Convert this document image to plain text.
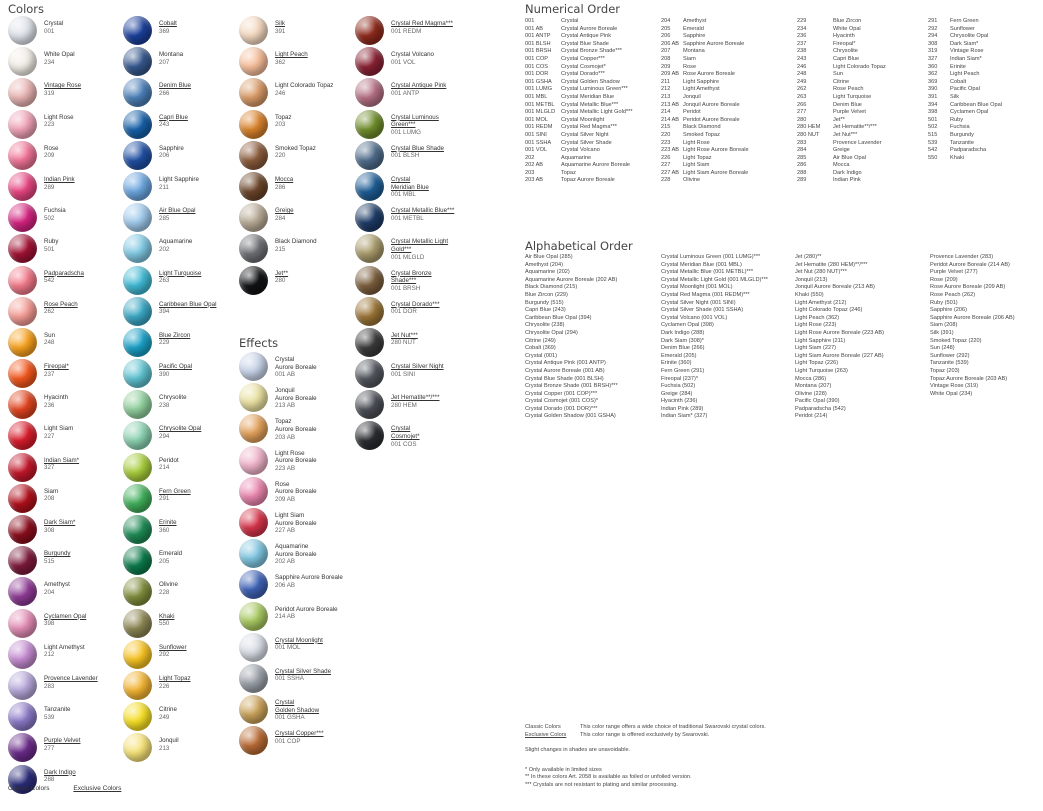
Colors
Crystal
001
White Opal
234
Vintage Rose
319
Light Rose
223
Rose
209
Indian Pink
289
Fuchsia
502
Ruby
501
Padparadscha
542
Rose Peach
262
Sun
248
Fireopal*
237
Hyacinth
236
Light Siam
227
Indian Siam*
327
Siam
208
Dark Siam*
308
Burgundy
515
Amethyst
204
Cyclamen Opal
398
Light Amethyst
212
Provence Lavender
283
Tanzanite
539
Purple Velvet
277
Dark Indigo
288
Cobalt
369
Montana
207
Denim Blue
266
Capri Blue
243
Sapphire
206
Light Sapphire
211
Air Blue Opal
285
Aquamarine
202
Light Turquoise
263
Caribbean Blue Opal
394
Blue Zircon
229
Pacific Opal
390
Chrysolite
238
Chrysolite Opal
294
Peridot
214
Fern Green
291
Erinite
360
Emerald
205
Olivine
228
Khaki
550
Sunflower
292
Light Topaz
226
Citrine
249
Jonquil
213
Silk
391
Light Peach
362
Light Colorado Topaz
246
Topaz
203
Smoked Topaz
220
Mocca
286
Greige
284
Black Diamond
215
Jet**
280
Effects
Crystal
Aurore Boreale
001 AB
Jonquil
Aurore Boreale
213 AB
Topaz
Aurore Boreale
203 AB
Light Rose
Aurore Boreale
223 AB
Rose
Aurore Boreale
209 AB
Light Siam
Aurore Boreale
227 AB
Aquamarine
Aurore Boreale
202 AB
Sapphire Aurore Boreale
206 AB
Peridot Aurore Boreale
214 AB
Crystal Moonlight
001 MOL
Crystal Silver Shade
001 SSHA
Crystal
Golden Shadow
001 GSHA
Crystal Copper***
001 COP
Crystal Red Magma***
001 REDM
Crystal Volcano
001 VOL
Crystal Antique Pink
001 ANTP
Crystal Luminous
Green***
001 LUMG
Crystal Blue Shade
001 BLSH
Crystal
Meridian Blue
001 MBL
Crystal Metallic Blue***
001 METBL
Crystal Metallic Light
Gold***
001 MLGLD
Crystal Bronze
Shade***
001 BRSH
Crystal Dorado***
001 DOR
Jet Nut***
280 NUT
Crystal Silver Night
001 SINI
Jet Hematite**/***
280 HEM
Crystal
Cosmojet*
001 COS
Numerical Order
001	Crystal
001 AB	Crystal Aurore Boreale
001 ANTP Crystal Antique Pink
001 BLSH Crystal Blue Shade
001 BRSH Crystal Bronze Shade***
001 COP Crystal Copper***
001 COS Crystal Cosmojet*
001 DOR Crystal Dorado***
001 GSHA Crystal Golden Shadow
001 LUMG Crystal Luminous Green***
001 MBL Crystal Meridian Blue
001 METBL Crystal Metallic Blue***
001 MLGLD Crystal Metallic Light Gold***
001 MOL Crystal Moonlight
001 REDM Crystal Red Magma***
001 SINI	Crystal Silver Night
001 SSHA Crystal Silver Shade
001 VOL Crystal Volcano
202	Aquamarine
202 AB	Aquamarine Aurore Boreale
203	Topaz
203 AB	Topaz Aurore Boreale
204 Amethyst
205 Emerald
206 Sapphire
206 AB Sapphire Aurore Boreale
207 Montana
208 Siam
209 Rose
209 AB Rose Aurore Boreale
211 Light Sapphire
212 Light Amethyst
213 Jonquil
213 AB Jonquil Aurore Boreale
214 Peridot
214 AB Peridot Aurore Boreale
215 Black Diamond
220 Smoked Topaz
223 Light Rose
223 AB Light Rose Aurore Boreale
226 Light Topaz
227 Light Siam
227 AB Light Siam Aurore Boreale
228 Olivine
229	Blue Zircon
234	White Opal
236	Hyacinth
237	Fireopal*
238	Chrysolite
243	Capri Blue
246	Light Colorado Topaz
248	Sun
249	Citrine
262	Rose Peach
263	Light Turquoise
266	Denim Blue
277	Purple Velvet
280	Jet**
280 HEM Jet Hematite**/***
280 NUT Jet Nut***
283	Provence Lavender
284	Greige
285	Air Blue Opal
286	Mocca
288	Dark Indigo
289	Indian Pink
291 Fern Green
292 Sunflower
294 Chrysolite Opal
308 Dark Siam*
319 Vintage Rose
327 Indian Siam*
360 Erinite
362 Light Peach
369 Cobalt
390 Pacific Opal
391 Silk
394 Caribbean Blue Opal
398 Cyclamen Opal
501 Ruby
502 Fuchsia
515 Burgundy
539 Tanzanite
542 Padparadscha
550 Khaki
Alphabetical Order
Air Blue Opal (285)
Amethyst (204)
Aquamarine (202)
Aquamarine Aurore Boreale (202 AB)
Black Diamond (215)
Blue Zircon (229)
Burgundy (515)
Capri Blue (243)
Caribbean Blue Opal (394)
Chrysolite (238)
Chrysolite Opal (294)
Citrine (249)
Cobalt (369)
Crystal (001)
Crystal Antique Pink (001 ANTP)
Crystal Aurore Boreale (001 AB)
Crystal Blue Shade (001 BLSH)
Crystal Bronze Shade (001 BRSH)***
Crystal Copper (001 COP)***
Crystal Cosmojet (001 COS)*
Crystal Dorado (001 DOR)***
Crystal Golden Shadow (001 GSHA)
Crystal Luminous Green (001 LUMG)***
Crystal Meridian Blue (001 MBL)
Crystal Metallic Blue (001 METBL)***
Crystal Metallic Light Gold (001 MLGLD)***
Crystal Moonlight (001 MOL)
Crystal Red Magma (001 REDM)***
Crystal Silver Night (001 SINI)
Crystal Silver Shade (001 SSHA)
Crystal Volcano (001 VOL)
Cyclamen Opal (398)
Dark Indigo (288)
Dark Siam (308)*
Denim Blue (266)
Emerald (205)
Erinite (360)
Fern Green (291)
Fireopal (237)*
Fuchsia (502)
Greige (284)
Hyacinth (236)
Indian Pink (289)
Indian Siam* (327)
Jet (280)**
Jet Hematite (280 HEM)**/***
Jet Nut (280 NUT)***
Jonquil (213)
Jonquil Aurore Boreale (213 AB)
Khaki (550)
Light Amethyst (212)
Light Colorado Topaz (246)
Light Peach (362)
Light Rose (223)
Light Rose Aurore Boreale (223 AB)
Light Sapphire (211)
Light Siam (227)
Light Siam Aurore Boreale (227 AB)
Light Topaz (226)
Light Turquoise (263)
Mocca (286)
Montana (207)
Olivine (228)
Pacific Opal (390)
Padparadscha (542)
Peridot (214)
Provence Lavender (283)
Peridot Aurore Boreale (214 AB)
Purple Velvet (277)
Rose (209)
Rose Aurore Boreale (209 AB)
Rose Peach (262)
Ruby (501)
Sapphire (206)
Sapphire Aurore Boreale (206 AB)
Siam (208)
Silk (391)
Smoked Topaz (220)
Sun (248)
Sunflower (292)
Tanzanite (539)
Topaz (203)
Topaz Aurore Boreale (203 AB)
Vintage Rose (319)
White Opal (234)
Classic Colors	This color range offers a wide choice of traditional Swarovski crystal colors.
Exclusive Colors This color range is offered exclusively by Swarovski.
Slight changes in shades are unavoidable.
* Only available in limited sizes
** In these colors Art. 2058 is available as foiled or unfoiled version.
*** Crystals are not resistant to plating and similar processing.
Classic Colors	Exclusive Colors
